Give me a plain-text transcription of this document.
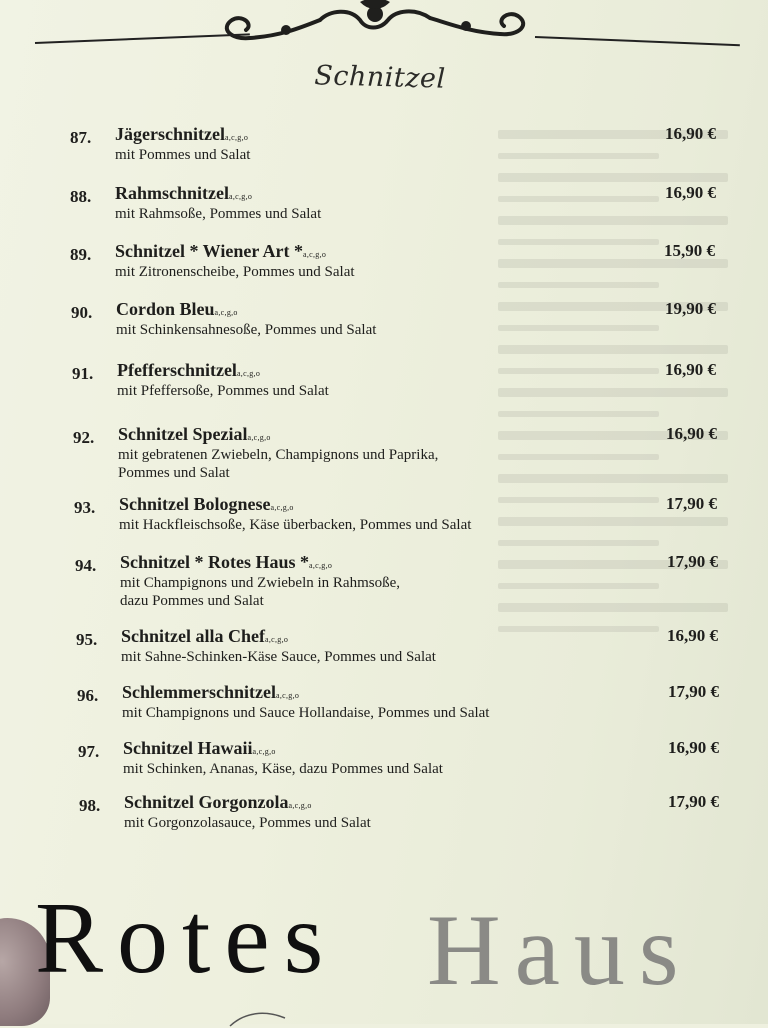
Schnitzel
87. Jägerschnitzela,c,g,o
mit Pommes und Salat

16,90 €
88. Rahmschnitzela,c,g,o
mit Rahmsoße, Pommes und Salat

16,90 €
89. Schnitzel * Wiener Art *a,c,g,o
mit Zitronenscheibe, Pommes und Salat

15,90 €
90. Cordon Bleua,c,g,o
mit Schinkensahnesoße, Pommes und Salat

19,90 €
91. Pfefferschnitzela,c,g,o
mit Pfeffersoße, Pommes und Salat

16,90 €
92. Schnitzel Speziala,c,g,o
mit gebratenen Zwiebeln, Champignons und Paprika,
Pommes und Salat
16,90 €
93. Schnitzel Bolognesea,c,g,o
mit Hackfleischsoße, Käse überbacken, Pommes und Salat

17,90 €
94. Schnitzel * Rotes Haus *a,c,g,o
mit Champignons und Zwiebeln in Rahmsoße,
dazu Pommes und Salat
17,90 €
95. Schnitzel alla Chefa,c,g,o
mit Sahne-Schinken-Käse Sauce, Pommes und Salat

16,90 €
96. Schlemmerschnitzela,c,g,o
mit Champignons und Sauce Hollandaise, Pommes und Salat

17,90 €
97. Schnitzel Hawaiia,c,g,o
mit Schinken, Ananas, Käse, dazu Pommes und Salat

16,90 €
98. Schnitzel Gorgonzolaa,c,g,o
mit Gorgonzolasauce, Pommes und Salat

17,90 €
Rotes Haus
